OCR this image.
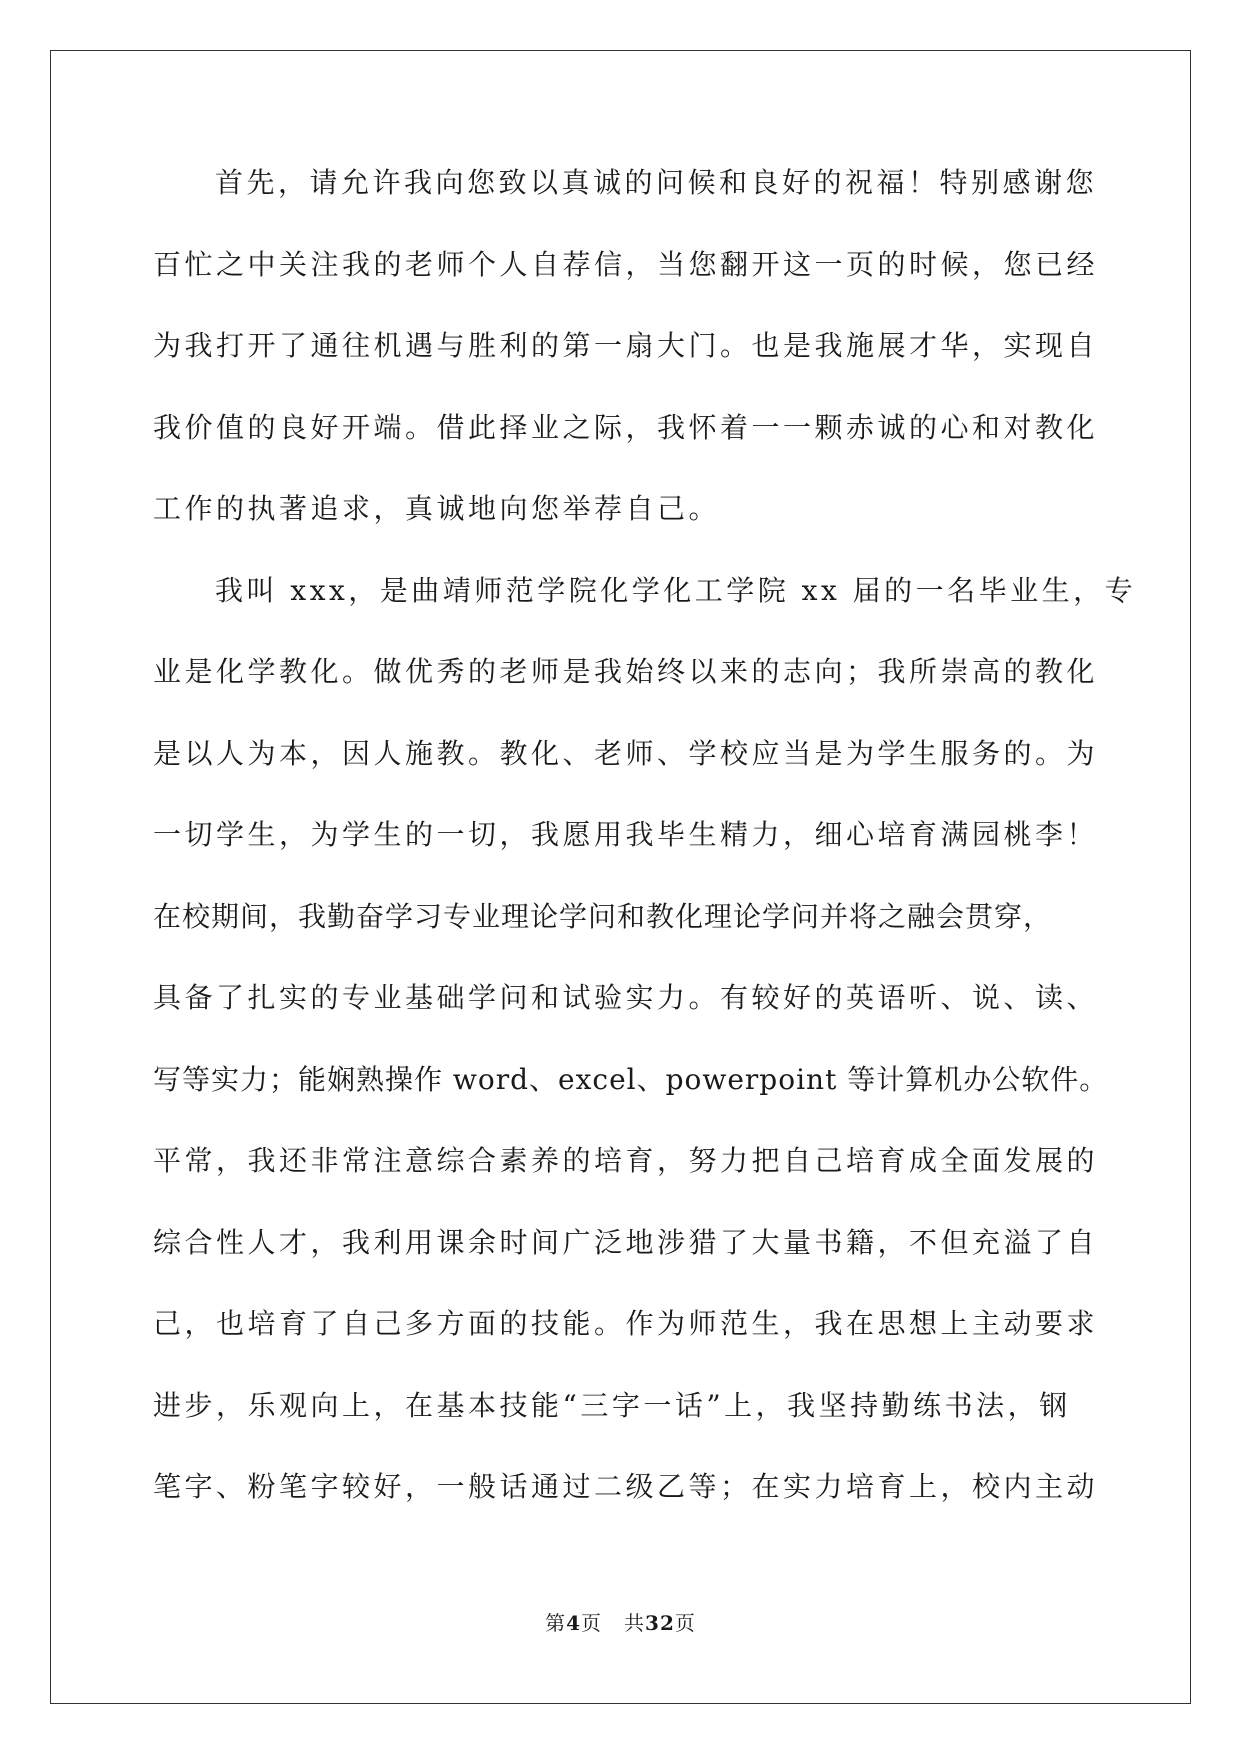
首先，请允许我向您致以真诚的问候和良好的祝福！特别感谢您
百忙之中关注我的老师个人自荐信，当您翻开这一页的时候，您已经
为我打开了通往机遇与胜利的第一扇大门。也是我施展才华，实现自
我价值的良好开端。借此择业之际，我怀着一一颗赤诚的心和对教化
工作的执著追求，真诚地向您举荐自己。
我叫 xxx，是曲靖师范学院化学化工学院 xx 届的一名毕业生，专
业是化学教化。做优秀的老师是我始终以来的志向；我所崇高的教化
是以人为本，因人施教。教化、老师、学校应当是为学生服务的。为
一切学生，为学生的一切，我愿用我毕生精力，细心培育满园桃李！
在校期间，我勤奋学习专业理论学问和教化理论学问并将之融会贯穿，
具备了扎实的专业基础学问和试验实力。有较好的英语听、说、读、
写等实力；能娴熟操作 word、excel、powerpoint 等计算机办公软件。
平常，我还非常注意综合素养的培育，努力把自己培育成全面发展的
综合性人才，我利用课余时间广泛地涉猎了大量书籍，不但充溢了自
己，也培育了自己多方面的技能。作为师范生，我在思想上主动要求
进步，乐观向上，在基本技能“三字一话”上，我坚持勤练书法，钢
笔字、粉笔字较好，一般话通过二级乙等；在实力培育上，校内主动
第4页 共32页
